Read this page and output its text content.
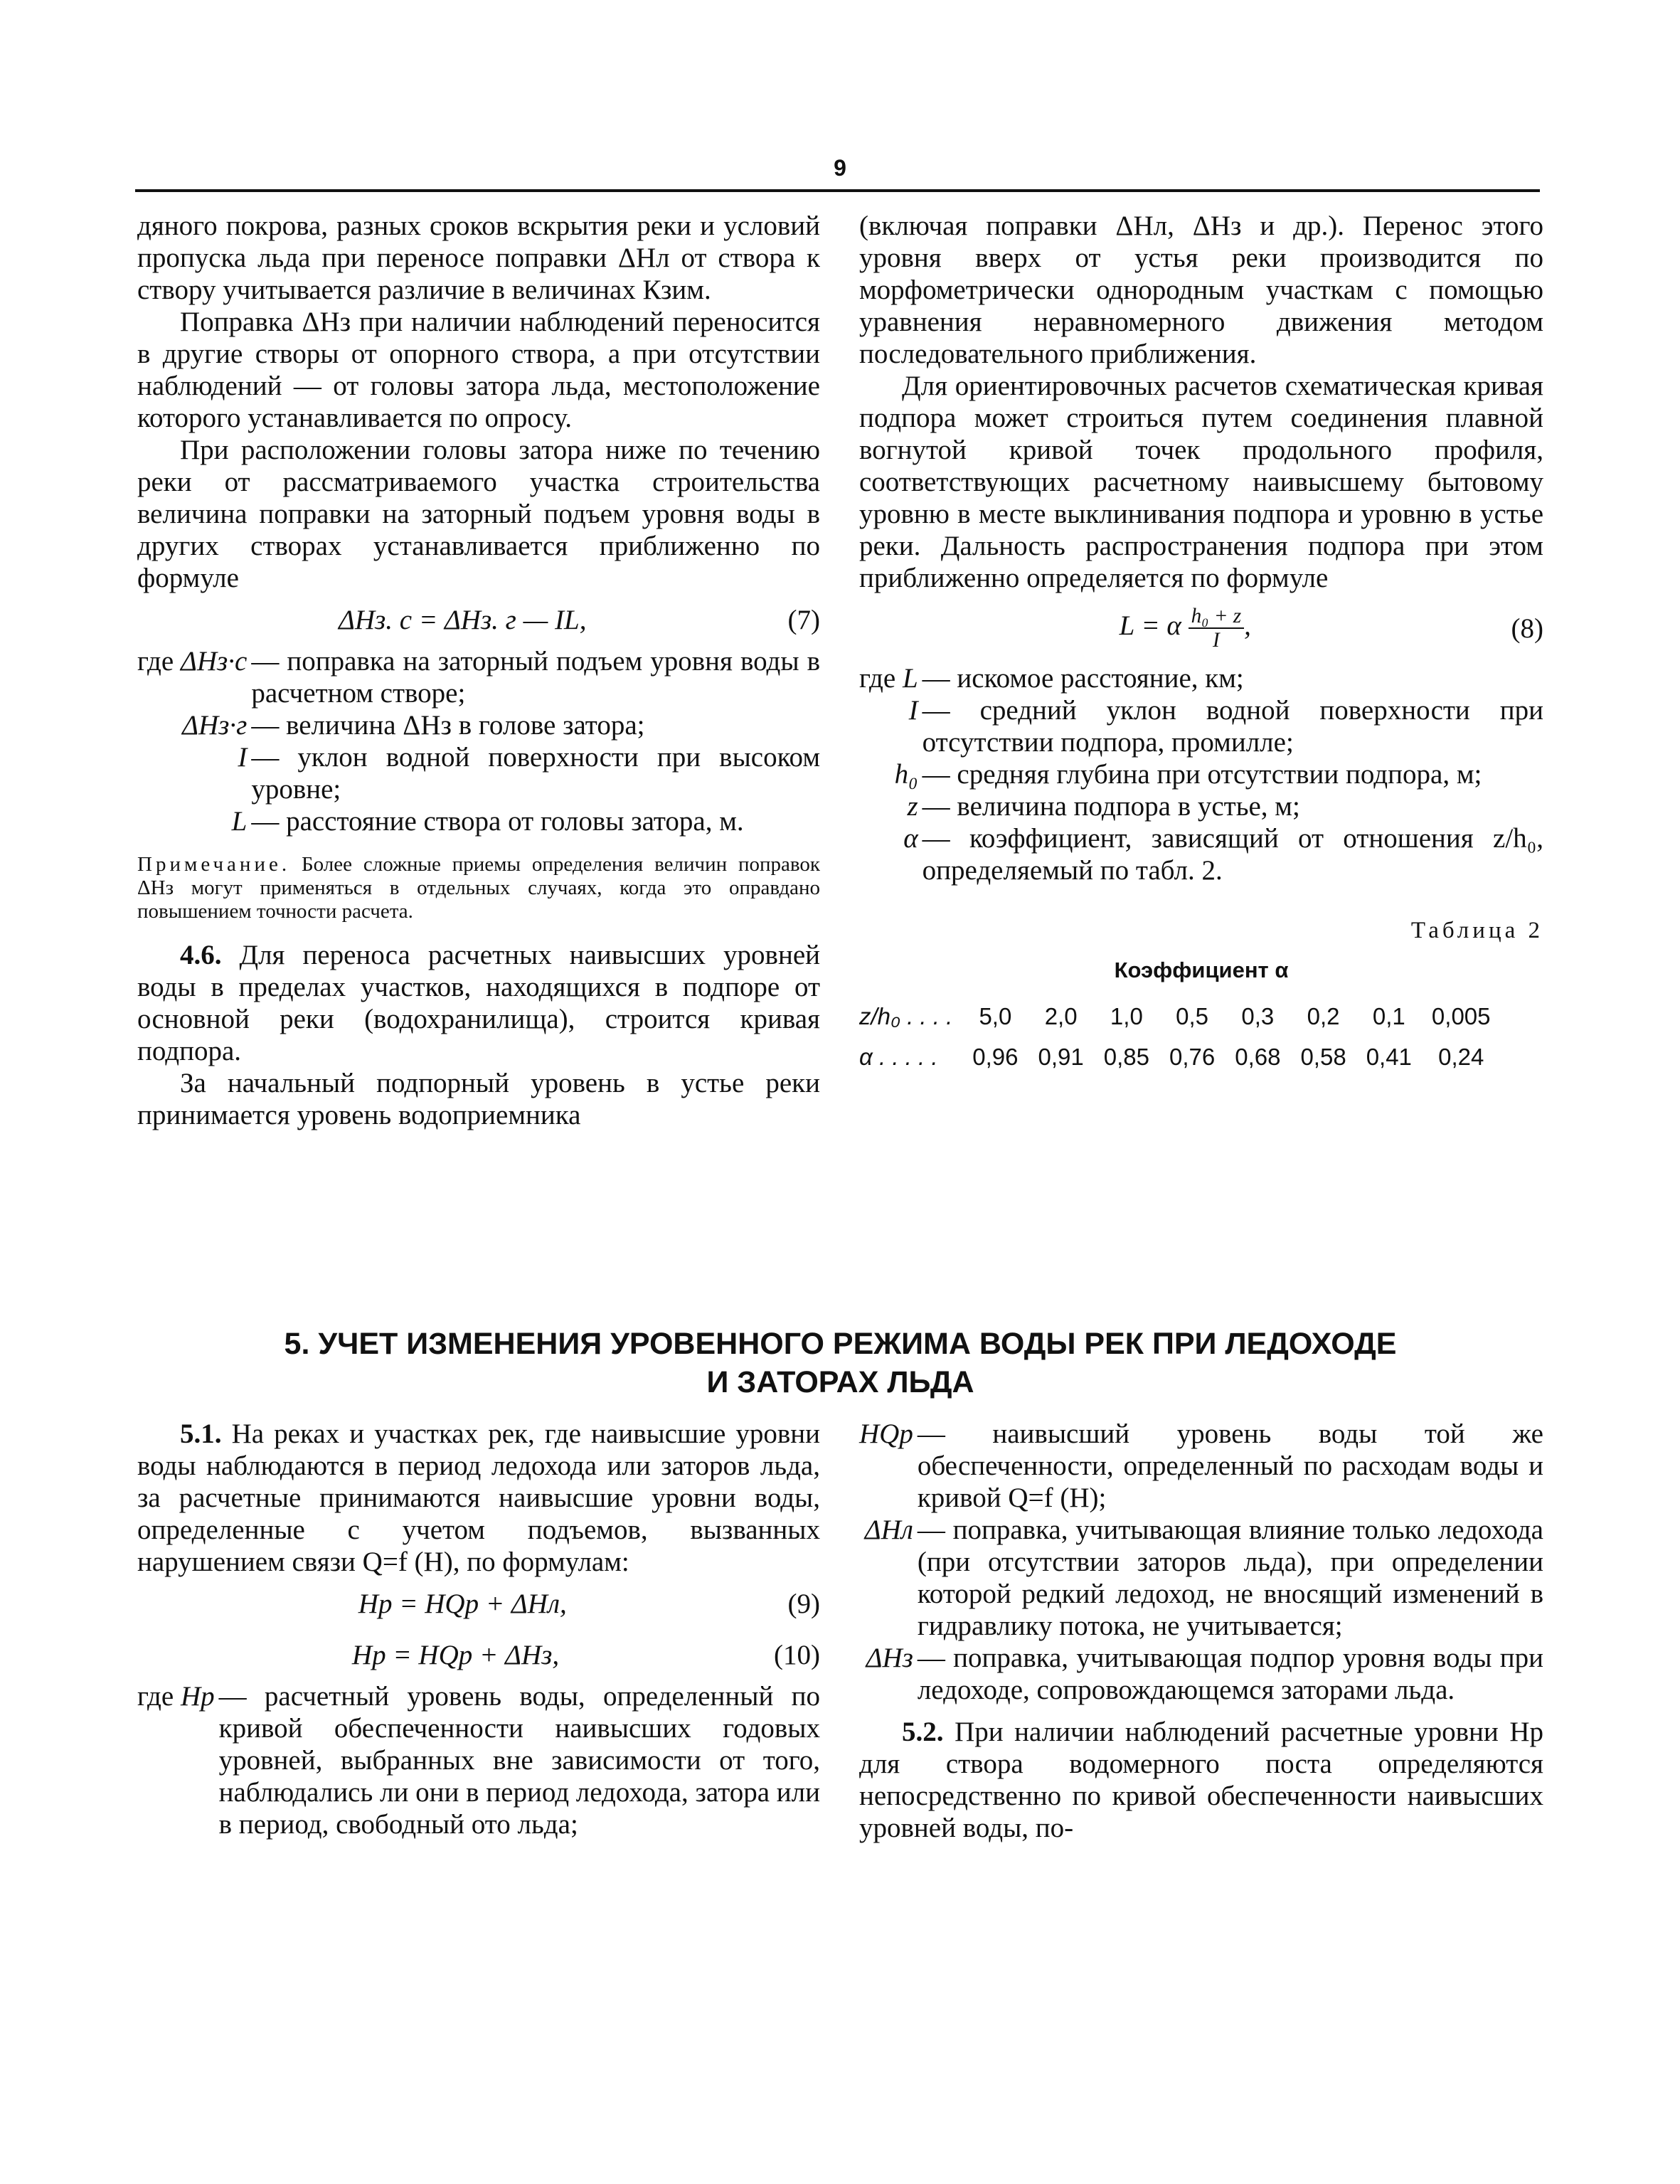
9

дяного покрова, разных сроков вскрытия реки и условий пропуска льда при переносе поправки ΔНл от створа к створу учитывается различие в величинах Кзим.

Поправка ΔНз при наличии наблюдений переносится в другие створы от опорного створа, а при отсутствии наблюдений — от головы затора льда, местоположение которого устанавливается по опросу.

При расположении головы затора ниже по течению реки от рассматриваемого участка строительства величина поправки на заторный подъем уровня воды в других створах устанавливается приближенно по формуле

ΔНз. с = ΔНз. г — IL,	(7)
где ΔНз·с — поправка на заторный подъем уровня воды в расчетном створе;
ΔНз·г — величина ΔНз в голове затора;
I — уклон водной поверхности при высоком уровне;
L — расстояние створа от головы затора, м.
Примечание. Более сложные приемы определения величин поправок ΔНз могут применяться в отдельных случаях, когда это оправдано повышением точности расчета.

4.6. Для переноса расчетных наивысших уровней воды в пределах участков, находящихся в подпоре от основной реки (водохранилища), строится кривая подпора.

За начальный подпорный уровень в устье реки принимается уровень водоприемника

(включая поправки ΔНл, ΔНз и др.). Перенос этого уровня вверх от устья реки производится по морфометрически однородным участкам с помощью уравнения неравномерного движения методом последовательного приближения.

Для ориентировочных расчетов схематическая кривая подпора может строиться путем соединения плавной вогнутой кривой точек продольного профиля, соответствующих расчетному наивысшему бытовому уровню в месте выклинивания подпора и уровню в устье реки. Дальность распространения подпора при этом приближенно определяется по формуле

L = α $\frac{\text{h₀ + z}}{I}$ ,	(8)
где L — искомое расстояние, км;
I — средний уклон водной поверхности при отсутствии подпора, промилле;
h₀ — средняя глубина при отсутствии подпора, м;
z — величина подпора в устье, м;
α — коэффициент, зависящий от отношения z/h₀, определяемый по табл. 2.
Таблица 2
Коэффициент α
z/h₀ . . . .	5,0	2,0	1,0	0,5	0,3	0,2	0,1	0,005
α . . . . .	0,96	0,91	0,85	0,76	0,68	0,58	0,41	0,24
5. УЧЕТ ИЗМЕНЕНИЯ УРОВЕННОГО РЕЖИМА ВОДЫ РЕК ПРИ ЛЕДОХОДЕ
И ЗАТОРАХ ЛЬДА

5.1. На реках и участках рек, где наивысшие уровни воды наблюдаются в период ледохода или заторов льда, за расчетные принимаются наивысшие уровни воды, определенные с учетом подъемов, вызванных нарушением связи Q=f (H), по формулам:

Hр = HQр + ΔHл,	(9)
Hр = HQр + ΔHз,	(10)
где Hр — расчетный уровень воды, определенный по кривой обеспеченности наивысших годовых уровней, выбранных вне зависимости от того, наблюдались ли они в период ледохода, затора или в период, свободный ото льда;
HQр — наивысший уровень воды той же обеспеченности, определенный по расходам воды и кривой Q=f (H);
ΔHл — поправка, учитывающая влияние только ледохода (при отсутствии заторов льда), при определении которой редкий ледоход, не вносящий изменений в гидравлику потока, не учитывается;
ΔHз — поправка, учитывающая подпор уровня воды при ледоходе, сопровождающемся заторами льда.

5.2. При наличии наблюдений расчетные уровни Hр для створа водомерного поста определяются непосредственно по кривой обеспеченности наивысших уровней воды, по-
